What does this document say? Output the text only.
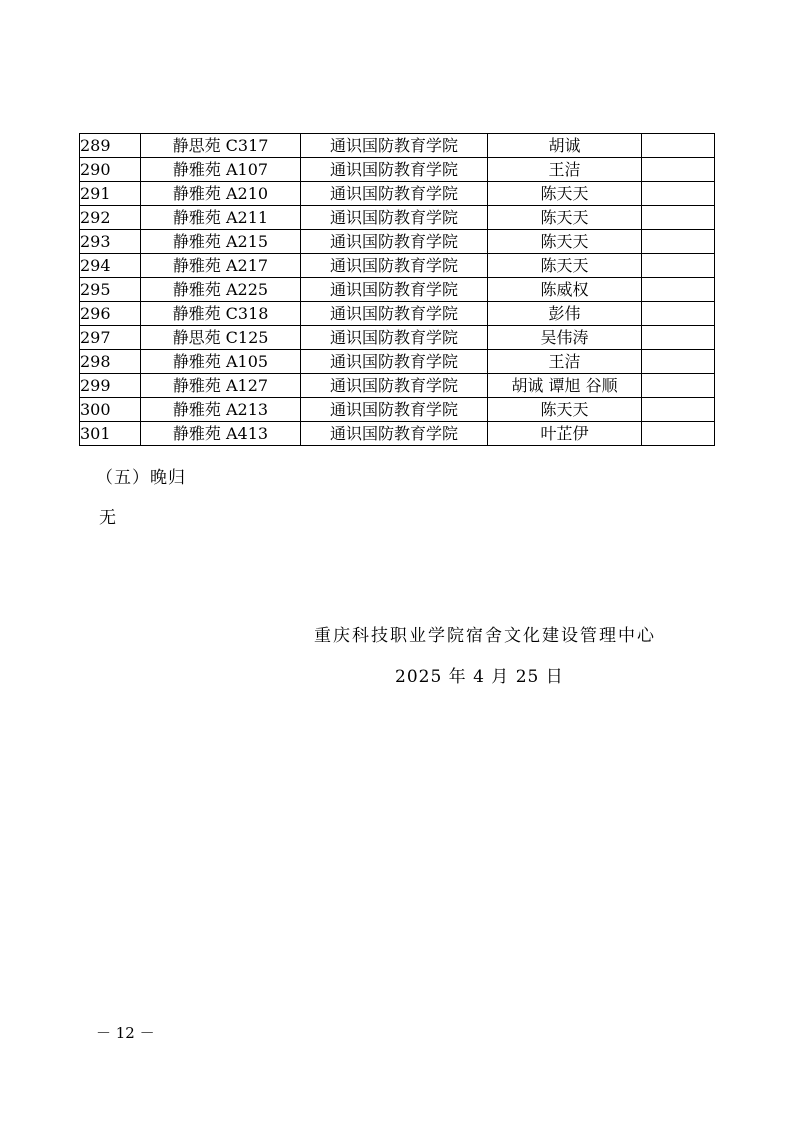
289	静思苑 C317	通识国防教育学院	胡诚	
290	静雅苑 A107	通识国防教育学院	王洁	
291	静雅苑 A210	通识国防教育学院	陈天天	
292	静雅苑 A211	通识国防教育学院	陈天天	
293	静雅苑 A215	通识国防教育学院	陈天天	
294	静雅苑 A217	通识国防教育学院	陈天天	
295	静雅苑 A225	通识国防教育学院	陈威权	
296	静雅苑 C318	通识国防教育学院	彭伟	
297	静思苑 C125	通识国防教育学院	吴伟涛	
298	静雅苑 A105	通识国防教育学院	王洁	
299	静雅苑 A127	通识国防教育学院	胡诚 谭旭 谷顺	
300	静雅苑 A213	通识国防教育学院	陈天天	
301	静雅苑 A413	通识国防教育学院	叶芷伊	
（五）晚归
无
重庆科技职业学院宿舍文化建设管理中心
2025 年 4 月 25 日
－ 12 －
